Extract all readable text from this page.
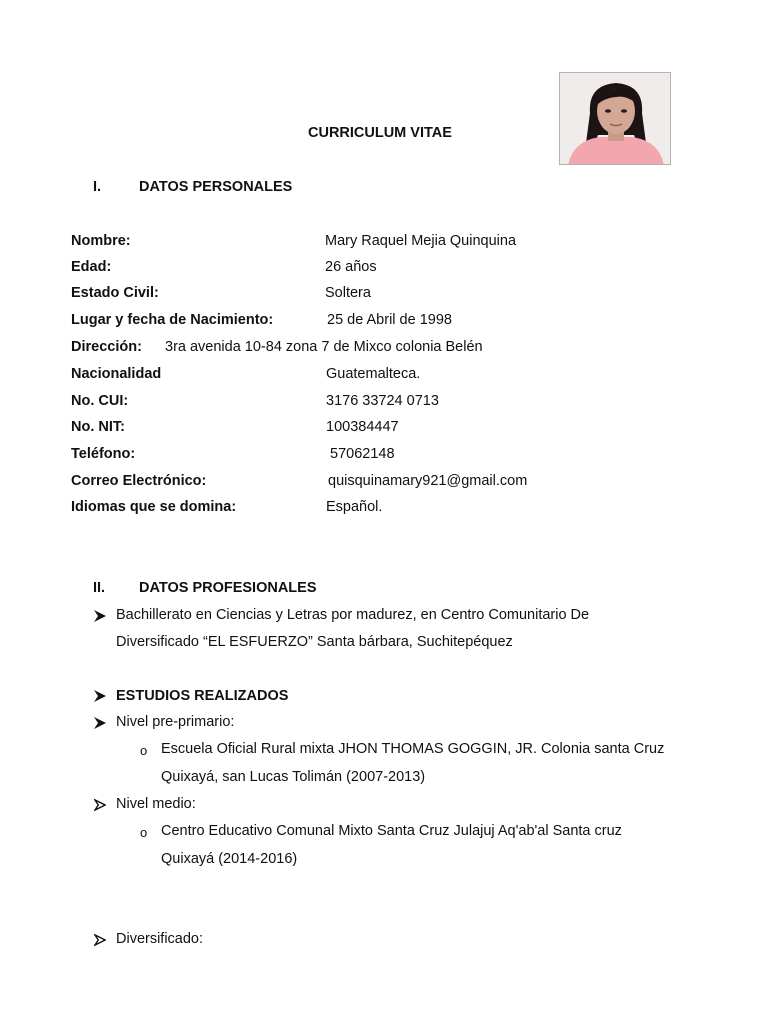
CURRICULUM VITAE
I.	DATOS PERSONALES
Nombre:	Mary Raquel Mejia Quinquina
Edad:	26 años
Estado Civil:	Soltera
Lugar y fecha de Nacimiento:	25 de Abril de 1998
Dirección: 3ra avenida 10-84 zona 7 de Mixco colonia Belén
Nacionalidad	Guatemalteca.
No. CUI:	3176 33724 0713
No. NIT:	100384447
Teléfono:	57062148
Correo Electrónico:	quisquinamary921@gmail.com
Idiomas que se domina:	Español.
II. DATOS PROFESIONALES
Bachillerato en Ciencias y Letras por madurez, en Centro Comunitario De
Diversificado “EL ESFUERZO” Santa bárbara, Suchitepéquez
ESTUDIOS REALIZADOS
Nivel pre-primario:
o Escuela Oficial Rural mixta JHON THOMAS GOGGIN, JR. Colonia santa Cruz
Quixayá, san Lucas Tolimán (2007-2013)
Nivel medio:
o Centro Educativo Comunal Mixto Santa Cruz Julajuj Aq'ab'al Santa cruz
Quixayá (2014-2016)
Diversificado:
